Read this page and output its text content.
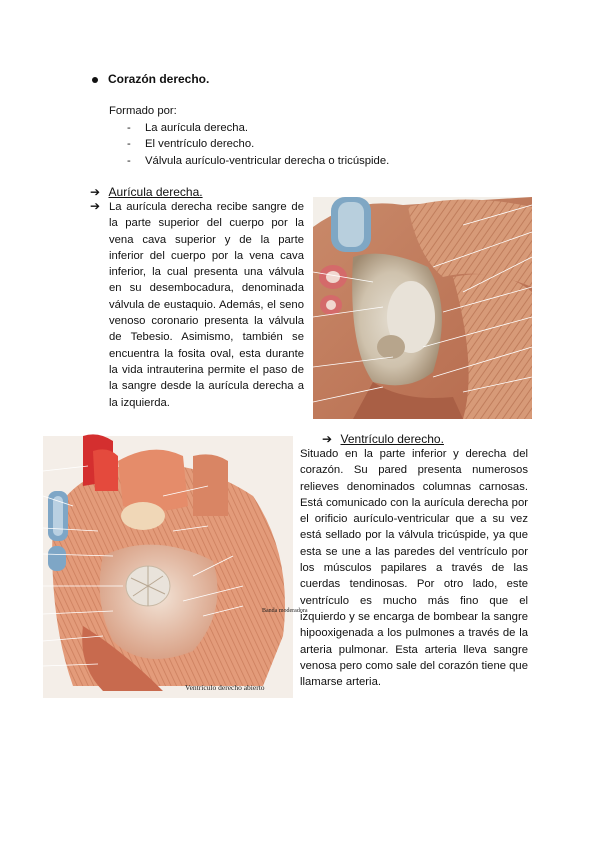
Corazón derecho.
Formado por:
- La aurícula derecha.
- El ventrículo derecho.
- Válvula aurículo-ventricular derecha o tricúspide.
➔ Aurícula derecha.
➔ La aurícula derecha recibe sangre de la parte superior del cuerpo por la vena cava superior y de la parte inferior del cuerpo por la vena cava inferior, la cual presenta una válvula en su desembocadura, denominada válvula de eustaquio. Además, el seno venoso coronario presenta la válvula de Tebesio. Asimismo, también se encuentra la fosita oval, esta durante la vida intrauterina permite el paso de la sangre desde la aurícula derecha a la izquierda.
Banda moderadora
Ventrículo derecho abierto
➔ Ventrículo derecho.
Situado en la parte inferior y derecha del corazón. Su pared presenta numerosos relieves denominados columnas carnosas. Está comunicado con la aurícula derecha por el orificio aurículo-ventricular que a su vez está sellado por la válvula tricúspide, ya que esta se une a las paredes del ventrículo por los músculos papilares a través de las cuerdas tendinosas. Por otro lado, este ventrículo es mucho más fino que el izquierdo y se encarga de bombear la sangre hipooxigenada a los pulmones a través de la arteria pulmonar. Esta arteria lleva sangre venosa pero como sale del corazón tiene que llamarse arteria.
